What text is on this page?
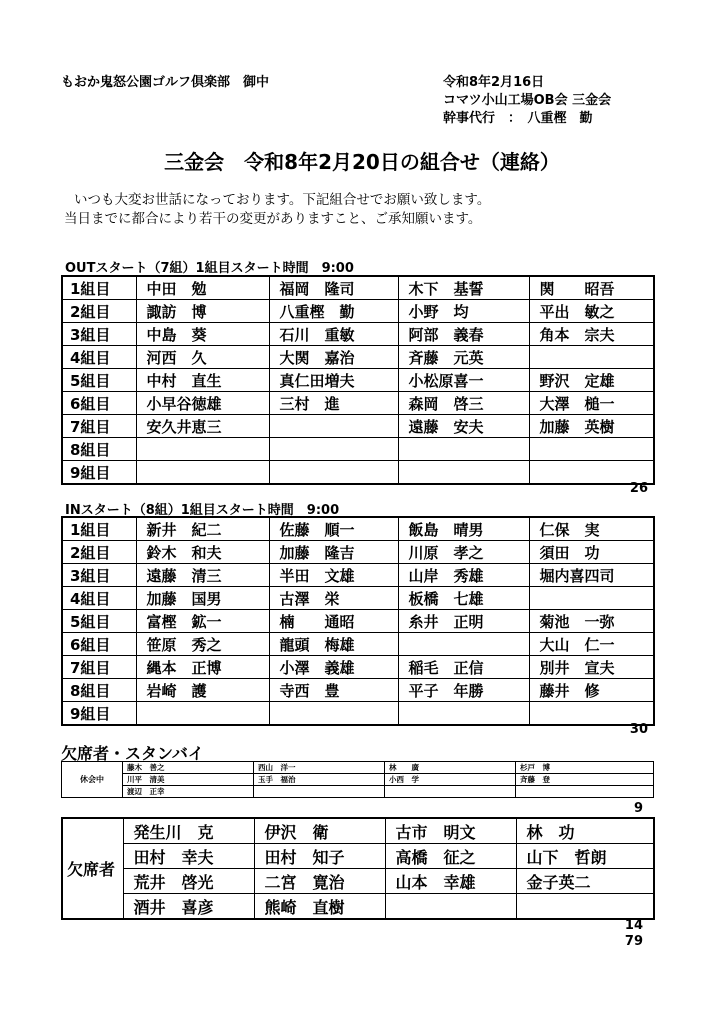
もおか鬼怒公園ゴルフ倶楽部　御中	令和8年2月16日
コマツ小山工場OB会 三金会
幹事代行　：　八重樫　勤
三金会　令和8年2月20日の組合せ（連絡）
いつも大変お世話になっております。下記組合せでお願い致します。
当日までに都合により若干の変更がありますこと、ご承知願います。
OUTスタート（7組）1組目スタート時間　9:00
1組目	中田　勉	福岡　隆司	木下　基誓	関　　昭吾
2組目	諏訪　博	八重樫　勤	小野　均	平出　敏之
3組目	中島　葵	石川　重敏	阿部　義春	角本　宗夫
4組目	河西　久	大関　嘉治	斉藤　元英	
5組目	中村　直生	真仁田増夫	小松原喜一	野沢　定雄
6組目	小早谷徳雄	三村　進	森岡　啓三	大澤　槌一
7組目	安久井恵三		遠藤　安夫	加藤　英樹
8組目				
9組目				
26
INスタート（8組）1組目スタート時間　9:00
1組目	新井　紀二	佐藤　順一	飯島　晴男	仁保　実
2組目	鈴木　和夫	加藤　隆吉	川原　孝之	須田　功
3組目	遠藤　清三	半田　文雄	山岸　秀雄	堀内喜四司
4組目	加藤　国男	古澤　栄	板橋　七雄	
5組目	富樫　鉱一	楠　　通昭	糸井　正明	菊池　一弥
6組目	笹原　秀之	龍頭　梅雄		大山　仁一
7組目	縄本　正博	小澤　義雄	稲毛　正信	別井　宣夫
8組目	岩崎　護	寺西　豊	平子　年勝	藤井　修
9組目				
30
欠席者・スタンバイ
休会中	藤木　善之	西山　洋一	林　　廣	杉戸　博
	川平　清美	玉手　福治	小西　学	斉藤　登
	渡辺　正幸			
9
欠席者	発生川　克	伊沢　衛	古市　明文	林　功
	田村　幸夫	田村　知子	高橋　征之	山下　哲朗
	荒井　啓光	二宮　寛治	山本　幸雄	金子英二
	酒井　喜彦	熊崎　直樹		
14
79
